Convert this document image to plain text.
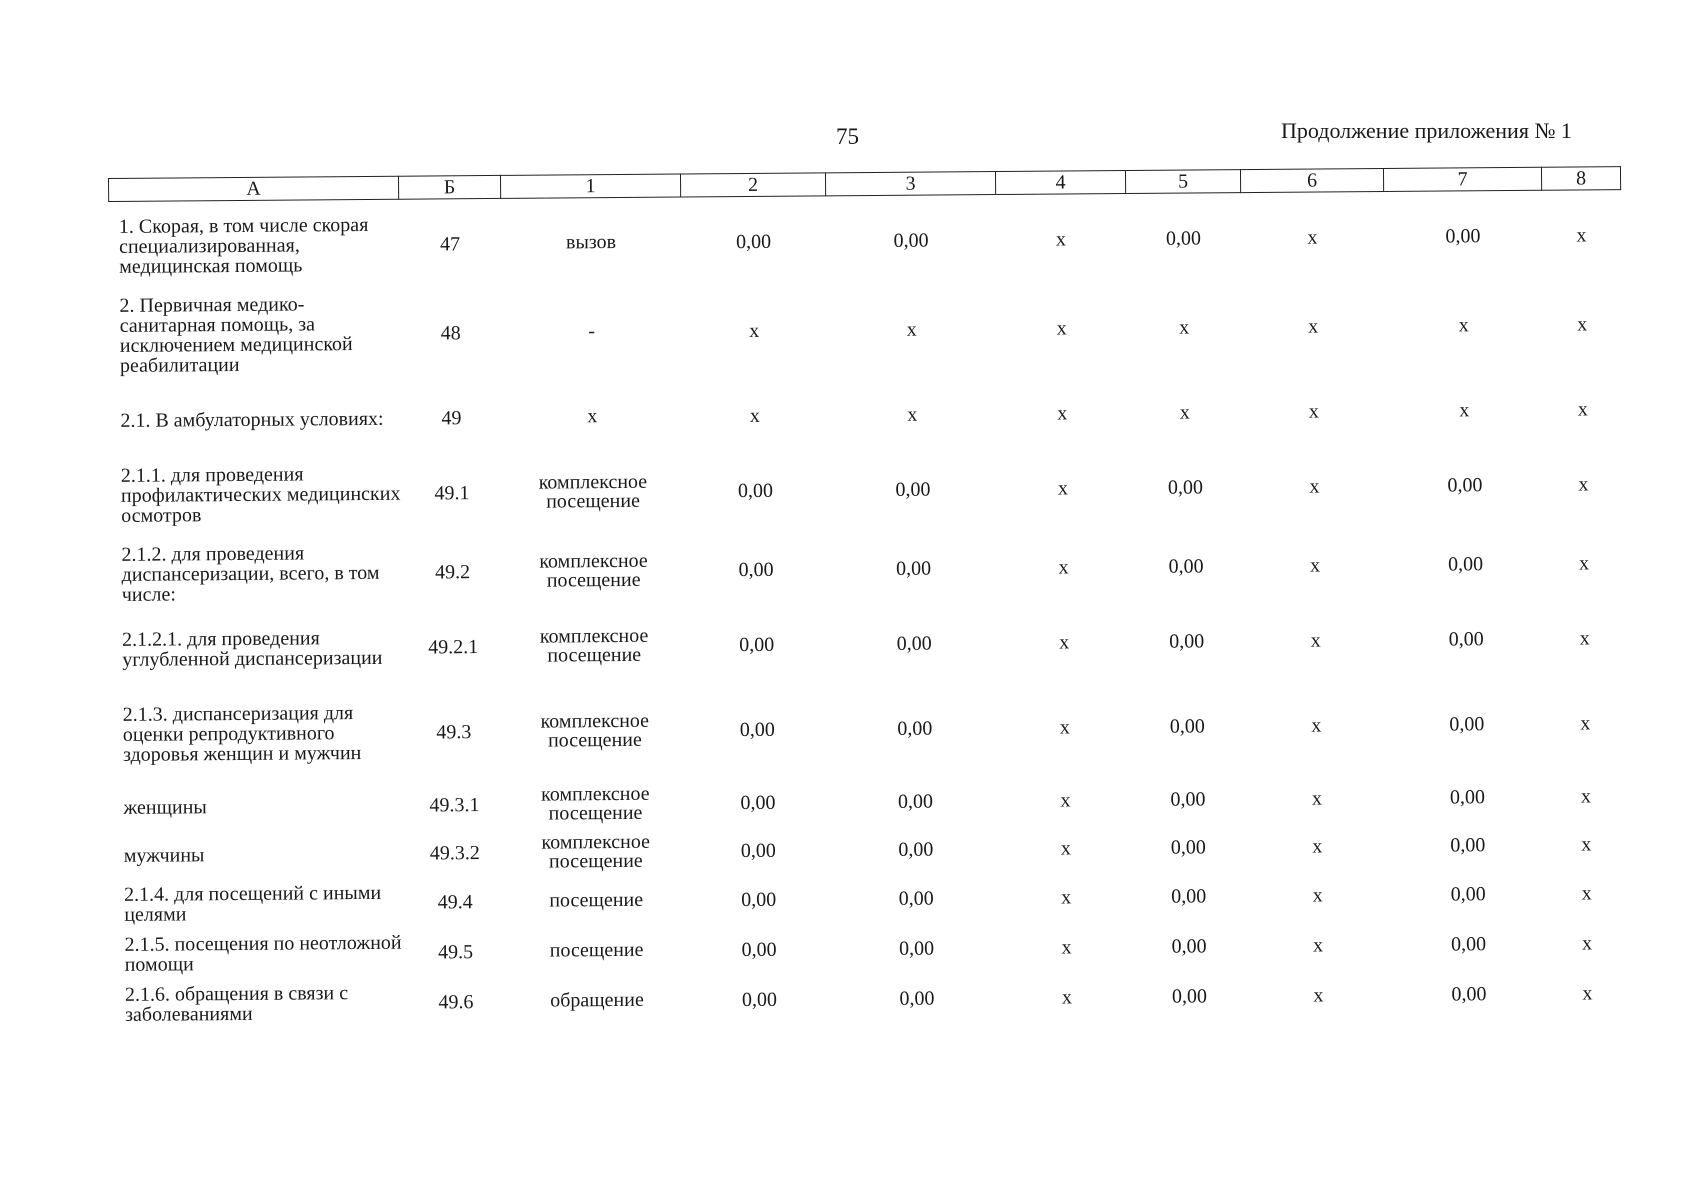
75	Продолжение приложения № 1
А	Б	1	2	3	4	5	6	7	8

1. Скорая, в том числе скорая специализированная, медицинская помощь	47	вызов	0,00	0,00	x	0,00	x	0,00	x
2. Первичная медико-санитарная помощь, за исключением медицинской реабилитации	48	-	x	x	x	x	x	x	x
2.1. В амбулаторных условиях:	49	x	x	x	x	x	x	x	x
2.1.1. для проведения профилактических медицинских осмотров	49.1	комплексное посещение	0,00	0,00	x	0,00	x	0,00	x
2.1.2. для проведения диспансеризации, всего, в том числе:	49.2	комплексное посещение	0,00	0,00	x	0,00	x	0,00	x
2.1.2.1. для проведения углубленной диспансеризации	49.2.1	комплексное посещение	0,00	0,00	x	0,00	x	0,00	x
2.1.3. диспансеризация для оценки репродуктивного здоровья женщин и мужчин	49.3	комплексное посещение	0,00	0,00	x	0,00	x	0,00	x
женщины	49.3.1	комплексное посещение	0,00	0,00	x	0,00	x	0,00	x
мужчины	49.3.2	комплексное посещение	0,00	0,00	x	0,00	x	0,00	x
2.1.4. для посещений с иными целями	49.4	посещение	0,00	0,00	x	0,00	x	0,00	x
2.1.5. посещения по неотложной помощи	49.5	посещение	0,00	0,00	x	0,00	x	0,00	x
2.1.6. обращения в связи с заболеваниями	49.6	обращение	0,00	0,00	x	0,00	x	0,00	x
